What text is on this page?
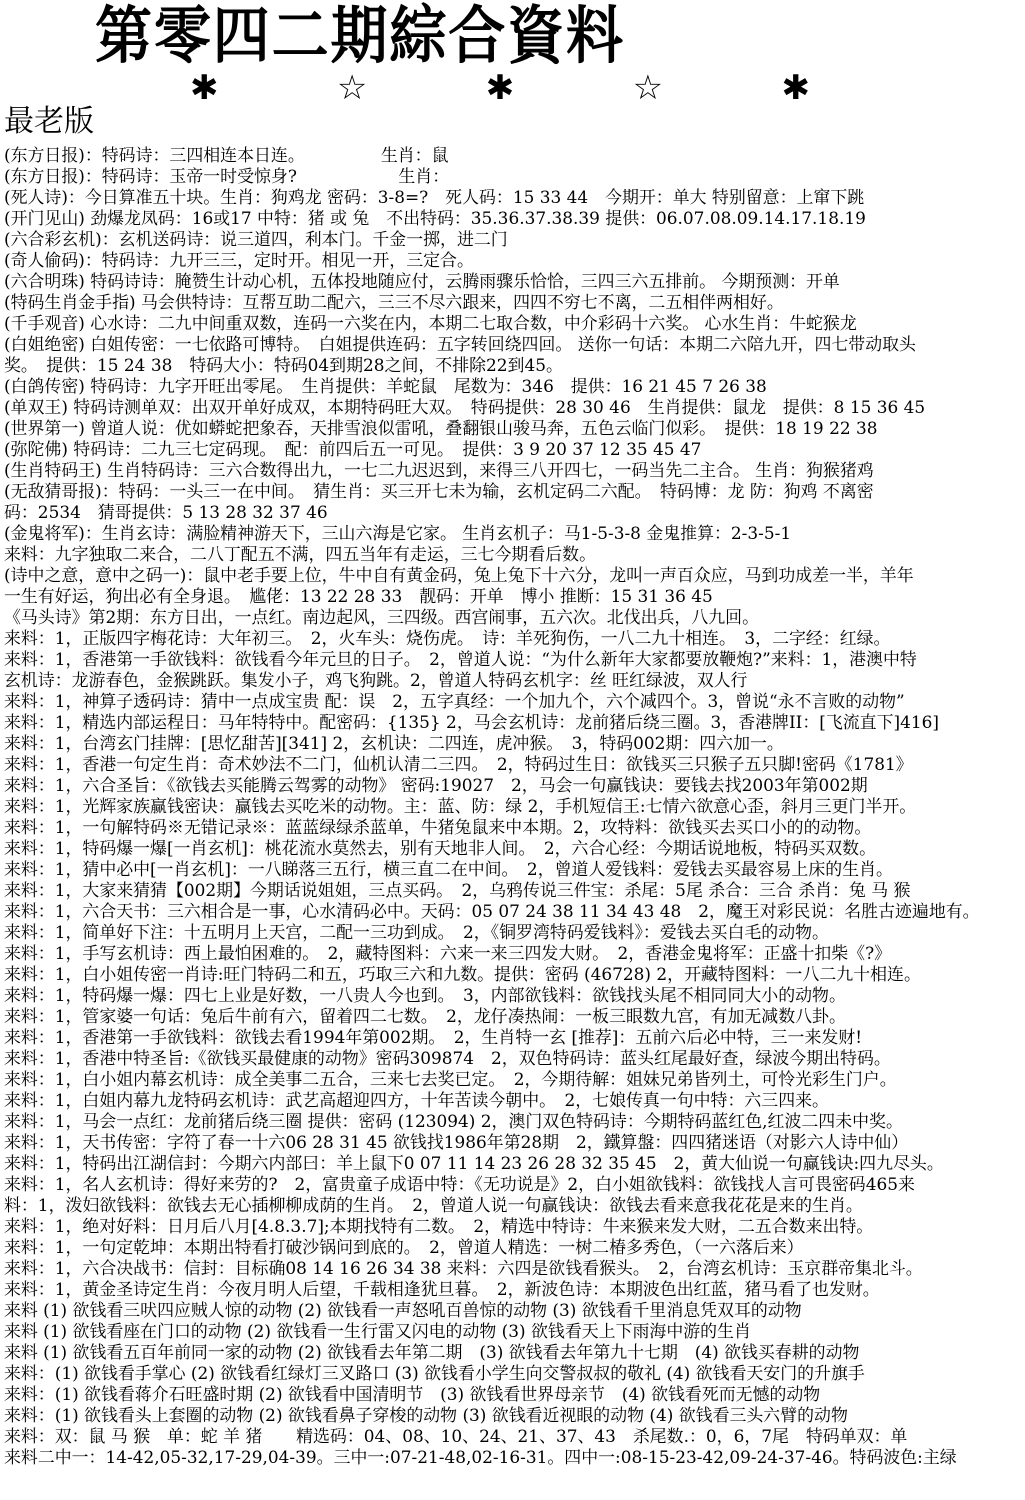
第零四二期綜合資料
✱	☆	✱	☆	✱
最老版
(东方日报)：特码诗：三四相连本日连。　　　　　生肖：鼠
(东方日报)：特码诗：玉帝一时受惊身?　　　　　　生肖：
(死人诗)：今日算准五十块。生肖：狗鸡龙 密码：3-8=?　死人码：15 33 44　今期开：单大 特别留意：上窜下跳
(开门见山) 劲爆龙凤码：16或17 中特：猪 或 兔　不出特码：35.36.37.38.39 提供：06.07.08.09.14.17.18.19
(六合彩玄机)：玄机送码诗：说三道四，利本门。千金一掷，进二门
(奇人偷码)：特码诗：九开三三，定时开。相见一开，三定合。
(六合明珠) 特码诗诗：腌赞生计动心机，五体投地随应付，云腾雨骤乐恰恰，三四三六五排前。 今期预测：开单
(特码生肖金手指) 马会供特诗：互帮互助二配六，三三不尽六跟来，四四不穷七不离，二五相伴两相好。
(千手观音) 心水诗：二九中间重双数，连码一六奖在内，本期二七取合数，中介彩码十六奖。 心水生肖：牛蛇猴龙
(白姐绝密) 白姐传密：一七依路可博特。　白姐提供连码：五字转回绕四回。 送你一句话：本期二六陪九开，四七带动取头
奖。　提供：15 24 38　特码大小：特码04到期28之间，不排除22到45。
(白鸽传密) 特码诗：九字开旺出零尾。　生肖提供：羊蛇鼠　尾数为：346　提供：16 21 45 7 26 38
(单双王) 特码诗测单双：出双开单好成双，本期特码旺大双。　特码提供：28 30 46　生肖提供：鼠龙　提供：8 15 36 45
(世界第一) 曾道人说：优如蟒蛇把象吞，天排雪浪似雷吼，叠翻银山骏马奔，五色云临门似彩。　提供：18 19 22 38
(弥陀佛) 特码诗：二九三七定码现。　配：前四后五一可见。　提供：3 9 20 37 12 35 45 47
(生肖特码王) 生肖特码诗：三六合数得出九，一七二九迟迟到，来得三八开四七，一码当先二主合。 生肖：狗猴猪鸡
(无敌猜哥报)：特码：一头三一在中间。　猜生肖：买三开七未为输，玄机定码二六配。　特码博：龙 防：狗鸡 不离密
码：2534　猜哥提供：5 13 28 32 37 46
(金鬼将军)：生肖玄诗：满脸精神游天下，三山六海是它家。 生肖玄机子：马1-5-3-8 金鬼推算：2-3-5-1
来料：九字独取二来合，二八丁配五不满，四五当年有走运，三七今期看后数。
(诗中之意，意中之码一)：鼠中老手要上位，牛中自有黄金码，兔上兔下十六分，龙叫一声百众应，马到功成差一半，羊年
一生有好运，狗出必有全身退。　尴佬：13 22 28 33　靓码：开单　博小 推断：15 31 36 45
《马头诗》第2期：东方日出，一点红。南边起风，三四级。西宫闹事，五六次。北伐出兵，八九回。
来料：1，正版四字梅花诗：大年初三。　2，火车头：烧伤虎。　诗：羊死狗伤，一八二九十相连。　3，二字经：红绿。
来料：1，香港第一手欲钱料：欲钱看今年元旦的日子。　2，曾道人说：“为什么新年大家都要放鞭炮?”来料：1，港澳中特
玄机诗：龙游春色，金猴跳跃。集发小子，鸡飞狗跳。2，曾道人特码玄机字：丝 旺红绿波，双人行
来料：1，神算子透码诗：猜中一点成宝贵 配：误　2，五字真经：一个加九个，六个减四个。3，曾说“永不言败的动物”
来料：1，精选内部运程日：马年特特中。配密码：{135} 2，马会玄机诗：龙前猪后绕三圈。3，香港牌II：[飞流直下]416]
来料：1，台湾玄门挂牌：[思忆甜苦][341] 2，玄机诀：二四连，虎冲猴。　3，特码002期：四六加一。
来料：1，香港一句定生肖：奇术妙法不二门，仙机认清二三四。　2，特码过生日：欲钱买三只猴子五只脚!密码《1781》
来料：1，六合圣旨：《欲钱去买能腾云驾雾的动物》 密码:19027　2，马会一句赢钱诀：要钱去找2003年第002期
来料：1，光辉家族赢钱密诀：赢钱去买吃米的动物。主：蓝、防：绿 2，手机短信王:七情六欲意心歪，斜月三更门半开。
来料：1，一句解特码※无错记录※：蓝蓝绿绿杀蓝单，牛猪兔鼠来中本期。2，攻特料：欲钱买去买口小的的动物。
来料：1，特码爆一爆[一肖玄机]：桃花流水莫然去，别有天地非人间。　2，六合心经：今期话说地板，特码买双数。
来料：1，猜中必中[一肖玄机]：一八睇落三五行，横三直二在中间。　2，曾道人爱钱料：爱钱去买最容易上床的生肖。
来料：1，大家来猜猜【002期】今期话说姐姐，三点买码。　2，乌鸦传说三件宝：杀尾：5尾 杀合：三合 杀肖：兔 马 猴
来料：1，六合天书：三六相合是一事，心水清码必中。天码：05 07 24 38 11 34 43 48　2，魔王对彩民说：名胜古迹遍地有。
来料：1，简单好下注：十五明月上天宫，二配一三功到成。　2，《铜罗湾特码爱钱料》：爱钱去买白毛的动物。
来料：1，手写玄机诗：西上最怕困难的。　2，藏特图料：六来一来三四发大财。　2，香港金鬼将军：正盛十扣柴《?》
来料：1，白小姐传密一肖诗:旺门特码二和五，巧取三六和九数。提供：密码 (46728) 2，开藏特图料：一八二九十相连。
来料：1，特码爆一爆：四七上业是好数，一八贵人今也到。　3，内部欲钱料：欲钱找头尾不相同同大小的动物。
来料：1，管家婆一句话：兔后牛前有六，留着四二七数。　2，龙仔凑热闹：一板三眼数九宫，有加无减数八卦。
来料：1，香港第一手欲钱料：欲钱去看1994年第002期。　2，生肖特一玄 [推荐]：五前六后必中特，三一来发财!
来料：1，香港中特圣旨:《欲钱买最健康的动物》密码309874　2，双色特码诗：蓝头红尾最好查，绿波今期出特码。
来料：1，白小姐内幕玄机诗：成全美事二五合，三来七去奖已定。　2，今期待解：姐妹兄弟皆列土，可怜光彩生门户。
来料：1，白姐内幕九龙特码玄机诗：武艺高超迎四方，十年苦读今朝中。　2，七娘传真一句中特：六三四来。
来料：1，马会一点红：龙前猪后绕三圈 提供：密码 (123094) 2，澳门双色特码诗：今期特码蓝红色,红波二四未中奖。
来料：1，天书传密：字符了春一十六06 28 31 45 欲钱找1986年第28期　2，鐵算盤：四四猪迷语（对影六人诗中仙）
来料：1，特码出江湖信封：今期六内部曰：羊上鼠下0 07 11 14 23 26 28 32 35 45　2，黄大仙说一句赢钱诀:四九尽头。
来料：1，名人玄机诗：得好来劳的?　2，富贵童子成语中特：《无功说是》2，白小姐欲钱料：欲钱找人言可畏密码465来
料：1，泼妇欲钱料：欲钱去无心插柳柳成荫的生肖。　2，曾道人说一句赢钱诀：欲钱去看来意我花花是来的生肖。
来料：1，绝对好料：日月后八月[4.8.3.7];本期找特有二数。　2，精选中特诗：牛来猴来发大财，二五合数来出特。
来料：1，一句定乾坤：本期出特看打破沙锅问到底的。　2，曾道人精选：一树二椿多秀色，（一六落后来）
来料：1，六合决战书：信封：目标确08 14 16 26 34 38 来料：六四是欲钱看猴头。　2，台湾玄机诗：玉京群帝集北斗。
来料：1，黄金圣诗定生肖：今夜月明人后望，千载相逢犹旦暮。　2，新波色诗：本期波色出红蓝，猪马看了也发财。
来料 (1) 欲钱看三吠四应贼人惊的动物 (2) 欲钱看一声怒吼百兽惊的动物 (3) 欲钱看千里消息凭双耳的动物
来料 (1) 欲钱看座在门口的动物 (2) 欲钱看一生行雷又闪电的动物 (3) 欲钱看天上下雨海中游的生肖
来料 (1) 欲钱看五百年前同一家的动物 (2) 欲钱看去年第二期　(3) 欲钱看去年第九十七期　(4) 欲钱买春耕的动物
来料：(1) 欲钱看手掌心 (2) 欲钱看红绿灯三叉路口 (3) 欲钱看小学生向交警叔叔的敬礼 (4) 欲钱看天安门的升旗手
来料：(1) 欲钱看蒋介石旺盛时期 (2) 欲钱看中国清明节　(3) 欲钱看世界母亲节　(4) 欲钱看死而无憾的动物
来料：(1) 欲钱看头上套圈的动物 (2) 欲钱看鼻子穿梭的动物 (3) 欲钱看近视眼的动物 (4) 欲钱看三头六臂的动物
来料：双：鼠 马 猴　单：蛇 羊 猪　　精选码：04、08、10、24、21、37、43　杀尾数.：0，6，7尾　特码单双：单
来料二中一：14-42,05-32,17-29,04-39。三中一:07-21-48,02-16-31。四中一:08-15-23-42,09-24-37-46。特码波色:主绿
